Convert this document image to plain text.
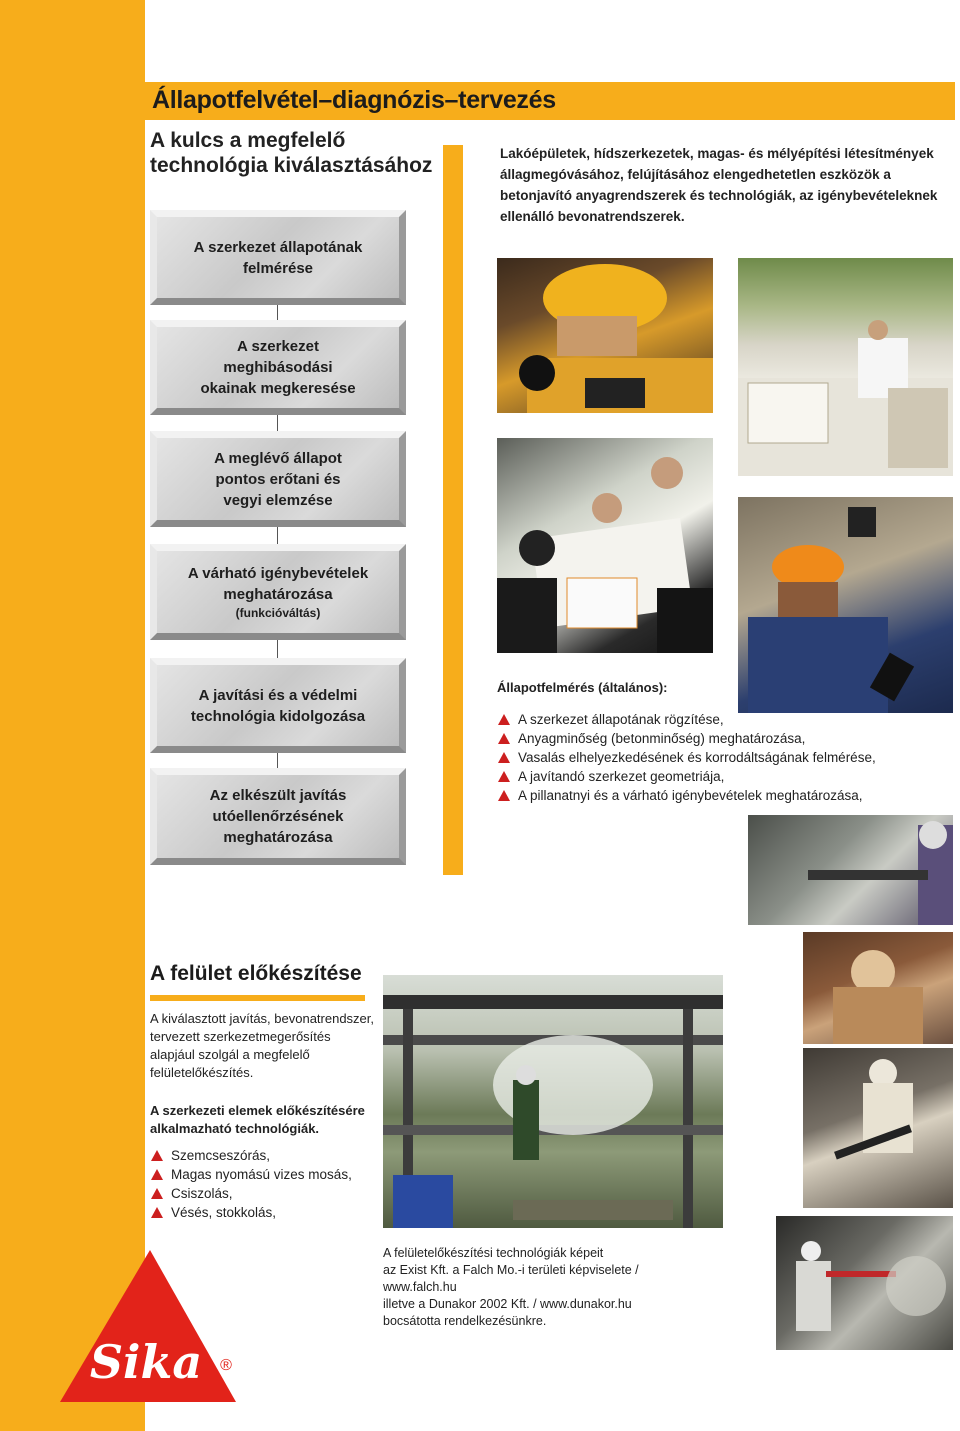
Állapotfelvétel–diagnózis–tervezés
A kulcs a megfelelő technológia kiválasztásához
Lakóépületek, hídszerkezetek, magas- és mélyépítési létesítmények állagmegóvásához, felújításához elengedhetetlen eszközök a betonjavító anyagrendszerek és technológiák, az igénybevételeknek ellenálló bevonatrendszerek.
A szerkezet állapotának felmérése
A szerkezet meghibásodási okainak megkeresése
A meglévő állapot pontos erőtani és vegyi elemzése
A várható igénybevételek meghatározása
(funkcióváltás)
A javítási és a védelmi technológia kidolgozása
Az elkészült javítás utóellenőrzésének meghatározása
Állapotfelmérés (általános):
A szerkezet állapotának rögzítése,
Anyagminőség (betonminőség) meghatározása,
Vasalás elhelyezkedésének és korrodáltságának felmérése,
A javítandó szerkezet geometriája,
A pillanatnyi és a várható igénybevételek meghatározása,
A felület előkészítése
A kiválasztott javítás, bevonatrendszer, tervezett szerkezetmegerősítés alapjául szolgál a megfelelő felületelőkészítés.
A szerkezeti elemek előkészítésére alkalmazható technológiák.
Szemcseszórás,
Magas nyomású vizes mosás,
Csiszolás,
Vésés, stokkolás,
A felületelőkészítési technológiák képeit
az Exist Kft. a Falch Mo.-i területi képviselete /
www.falch.hu
illetve a Dunakor 2002 Kft. / www.dunakor.hu
bocsátotta rendelkezésünkre.
Sika ®
